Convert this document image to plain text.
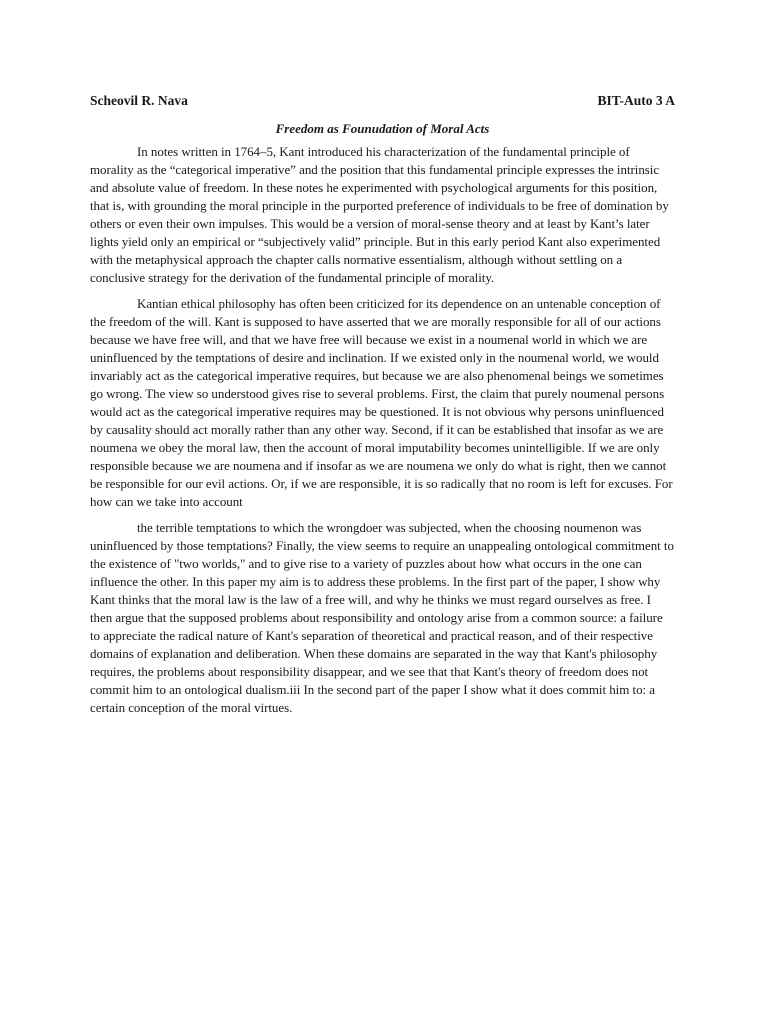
Scheovil R. Nava	BIT-Auto 3 A
Freedom as Founudation of Moral Acts

In notes written in 1764–5, Kant introduced his characterization of the fundamental principle of morality as the “categorical imperative” and the position that this fundamental principle expresses the intrinsic and absolute value of freedom. In these notes he experimented with psychological arguments for this position, that is, with grounding the moral principle in the purported preference of individuals to be free of domination by others or even their own impulses. This would be a version of moral-sense theory and at least by Kant’s later lights yield only an empirical or “subjectively valid” principle. But in this early period Kant also experimented with the metaphysical approach the chapter calls normative essentialism, although without settling on a conclusive strategy for the derivation of the fundamental principle of morality.

Kantian ethical philosophy has often been criticized for its dependence on an untenable conception of the freedom of the will. Kant is supposed to have asserted that we are morally responsible for all of our actions because we have free will, and that we have free will because we exist in a noumenal world in which we are uninfluenced by the temptations of desire and inclination. If we existed only in the noumenal world, we would invariably act as the categorical imperative requires, but because we are also phenomenal beings we sometimes go wrong. The view so understood gives rise to several problems. First, the claim that purely noumenal persons would act as the categorical imperative requires may be questioned. It is not obvious why persons uninfluenced by causality should act morally rather than any other way. Second, if it can be established that insofar as we are noumena we obey the moral law, then the account of moral imputability becomes unintelligible. If we are only responsible because we are noumena and if insofar as we are noumena we only do what is right, then we cannot be responsible for our evil actions. Or, if we are responsible, it is so radically that no room is left for excuses. For how can we take into account

the terrible temptations to which the wrongdoer was subjected, when the choosing noumenon was uninfluenced by those temptations? Finally, the view seems to require an unappealing ontological commitment to the existence of "two worlds," and to give rise to a variety of puzzles about how what occurs in the one can influence the other. In this paper my aim is to address these problems. In the first part of the paper, I show why Kant thinks that the moral law is the law of a free will, and why he thinks we must regard ourselves as free. I then argue that the supposed problems about responsibility and ontology arise from a common source: a failure to appreciate the radical nature of Kant's separation of theoretical and practical reason, and of their respective domains of explanation and deliberation. When these domains are separated in the way that Kant's philosophy requires, the problems about responsibility disappear, and we see that that Kant's theory of freedom does not commit him to an ontological dualism.iii In the second part of the paper I show what it does commit him to: a certain conception of the moral virtues.
